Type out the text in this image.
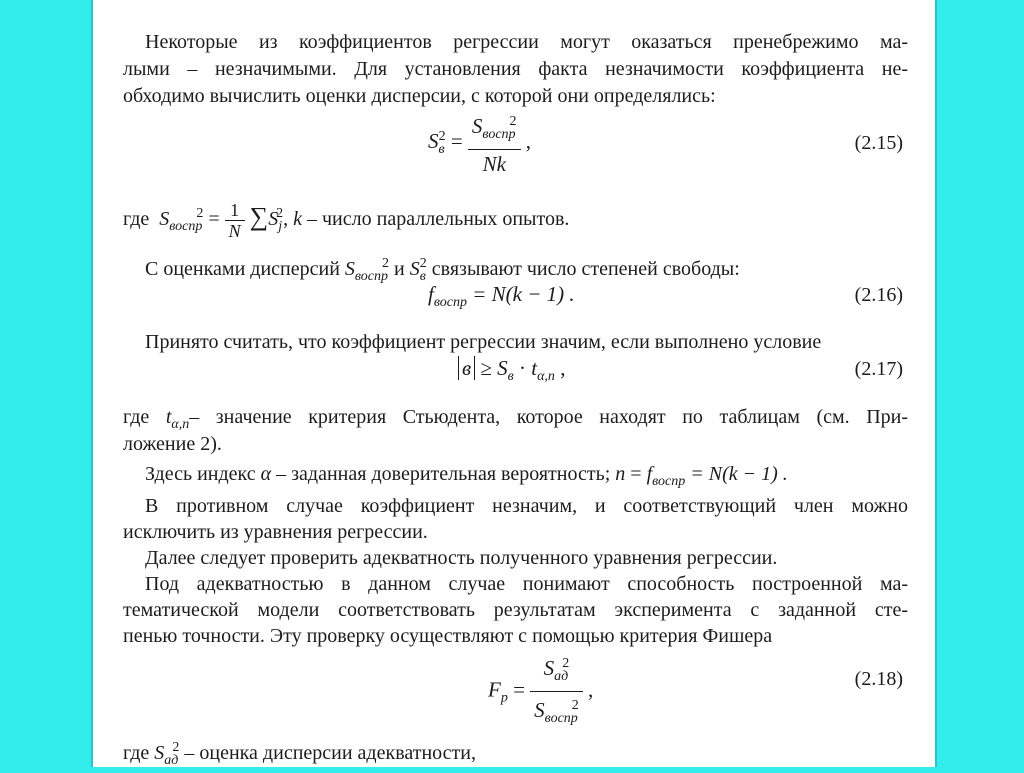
Некоторые из коэффициентов регрессии могут оказаться пренебрежимо ма-
лыми – незначимыми. Для установления факта незначимости коэффициента не-
обходимо вычислить оценки дисперсии, с которой они определялись:
$S_в^2 = \frac{S_{воспр}^2}{Nk}$ ,	(2.15)
где $S_{воспр}^2 = \frac{1}{N} \sum S_j^2$, k – число параллельных опытов.
С оценками дисперсий $S_{воспр}^2$ и $S_в^2$ связывают число степеней свободы:
$f_{воспр} = N(k - 1)$ .	(2.16)
Принято считать, что коэффициент регрессии значим, если выполнено условие
$в \ge S_в \cdot t_{\alpha,n}$ ,	(2.17)
где $t_{\alpha,n}-$ значение критерия Стьюдента, которое находят по таблицам (см. При-
ложение 2).
Здесь индекс α – заданная доверительная вероятность; $n = f_{воспр} = N(k - 1)$ .
В противном случае коэффициент незначим, и соответствующий член можно
исключить из уравнения регрессии.
Далее следует проверить адекватность полученного уравнения регрессии.
Под адекватностью в данном случае понимают способность построенной ма-
тематической модели соответствовать результатам эксперимента с заданной сте-
пенью точности. Эту проверку осуществляют с помощью критерия Фишера
$F_p = \frac{S_{ад}^2}{S_{воспр}^2}$ ,	(2.18)
где $S_{ад}^2$ – оценка дисперсии адекватности,
